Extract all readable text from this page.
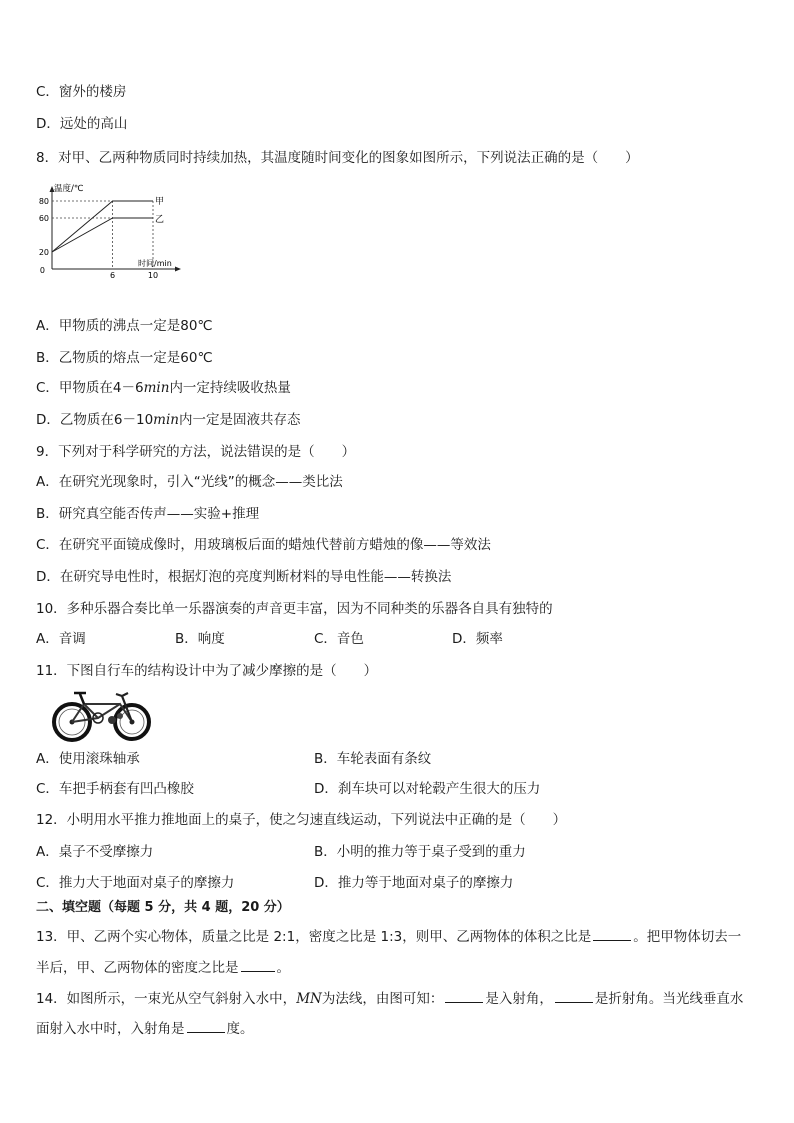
C．窗外的楼房
D．远处的高山
8．对甲、乙两种物质同时持续加热，其温度随时间变化的图象如图所示，下列说法正确的是（　　）
温度/℃
时间/min
80
60
20
0
6	10
甲
乙
A．甲物质的沸点一定是80℃
B．乙物质的熔点一定是60℃
C．甲物质在4－6min内一定持续吸收热量
D．乙物质在6－10min内一定是固液共存态
9．下列对于科学研究的方法，说法错误的是（　　）
A．在研究光现象时，引入“光线”的概念——类比法
B．研究真空能否传声——实验+推理
C．在研究平面镜成像时，用玻璃板后面的蜡烛代替前方蜡烛的像——等效法
D．在研究导电性时，根据灯泡的亮度判断材料的导电性能——转换法
10．多种乐器合奏比单一乐器演奏的声音更丰富，因为不同种类的乐器各自具有独特的
A．音调	B．响度	C．音色	D．频率
11．下图自行车的结构设计中为了减少摩擦的是（　　）
A．使用滚珠轴承	B．车轮表面有条纹
C．车把手柄套有凹凸橡胶	D．刹车块可以对轮毂产生很大的压力
12．小明用水平推力推地面上的桌子，使之匀速直线运动，下列说法中正确的是（　　）
A．桌子不受摩擦力	B．小明的推力等于桌子受到的重力
C．推力大于地面对桌子的摩擦力	D．推力等于地面对桌子的摩擦力
二、填空题（每题 5 分，共 4 题，20 分）
13．甲、乙两个实心物体，质量之比是 2:1，密度之比是 1:3，则甲、乙两物体的体积之比是	。把甲物体切去一
半后，甲、乙两物体的密度之比是	。
14．如图所示，一束光从空气斜射入水中，MN为法线，由图可知：	是入射角，	是折射角。当光线垂直水
面射入水中时，入射角是	度。
